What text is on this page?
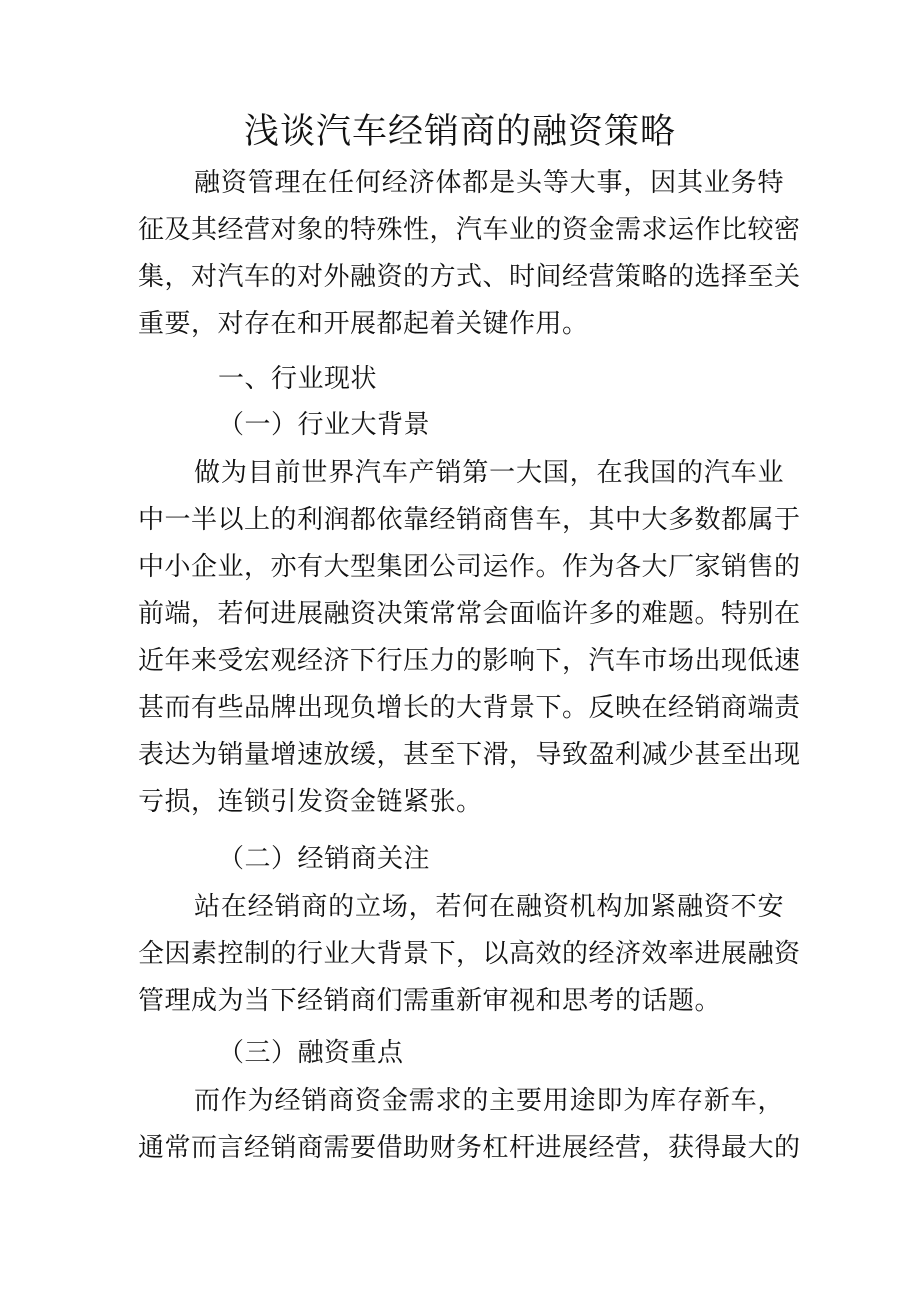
浅谈汽车经销商的融资策略
融资管理在任何经济体都是头等大事，因其业务特
征及其经营对象的特殊性，汽车业的资金需求运作比较密
集，对汽车的对外融资的方式、时间经营策略的选择至关
重要，对存在和开展都起着关键作用。
一、行业现状
（一）行业大背景
做为目前世界汽车产销第一大国，在我国的汽车业
中一半以上的利润都依靠经销商售车，其中大多数都属于
中小企业，亦有大型集团公司运作。作为各大厂家销售的
前端，若何进展融资决策常常会面临许多的难题。特别在
近年来受宏观经济下行压力的影响下，汽车市场出现低速
甚而有些品牌出现负增长的大背景下。反映在经销商端责
表达为销量增速放缓，甚至下滑，导致盈利减少甚至出现
亏损，连锁引发资金链紧张。
（二）经销商关注
站在经销商的立场，若何在融资机构加紧融资不安
全因素控制的行业大背景下，以高效的经济效率进展融资
管理成为当下经销商们需重新审视和思考的话题。
（三）融资重点
而作为经销商资金需求的主要用途即为库存新车，
通常而言经销商需要借助财务杠杆进展经营，获得最大的
